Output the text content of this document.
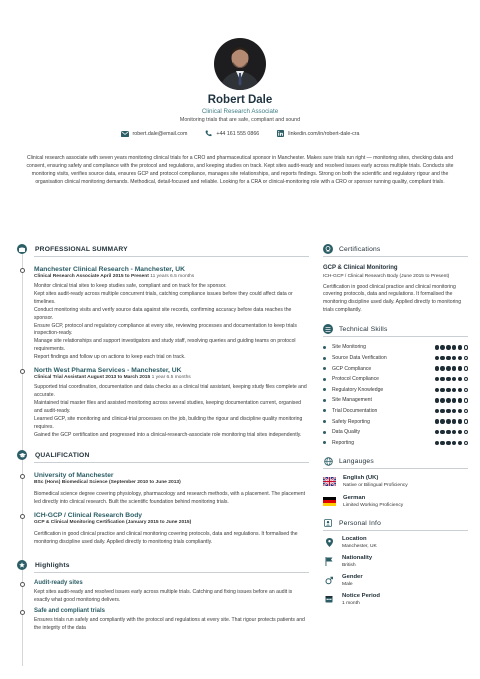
Robert Dale
Clinical Research Associate
Monitoring trials that are safe, compliant and sound
robert.dale@email.com	+44 161 555 0866	linkedin.com/in/robert-dale-cra
Clinical research associate with seven years monitoring clinical trials for a CRO and pharmaceutical sponsor in Manchester. Makes sure trials run right — monitoring sites, checking data and consent, ensuring safety and compliance with the protocol and regulations, and keeping studies on track. Kept sites audit-ready and resolved issues early across multiple trials. Conducts site monitoring visits, verifies source data, ensures GCP and protocol compliance, manages site relationships, and reports findings. Strong on both the scientific and regulatory rigour and the organisation clinical monitoring demands. Methodical, detail-focused and reliable. Looking for a CRA or clinical-monitoring role with a CRO or sponsor running quality, compliant trials.
PROFESSIONAL SUMMARY
Manchester Clinical Research - Manchester, UK
Clinical Research Associate April 2015 to Present 11 years 6.5 months

Monitor clinical trial sites to keep studies safe, compliant and on track for the sponsor.

Kept sites audit-ready across multiple concurrent trials, catching compliance issues before they could affect data or timelines.

Conduct monitoring visits and verify source data against site records, confirming accuracy before data reaches the sponsor.

Ensure GCP, protocol and regulatory compliance at every site, reviewing processes and documentation to keep trials inspection-ready.

Manage site relationships and support investigators and study staff, resolving queries and guiding teams on protocol requirements.

Report findings and follow up on actions to keep each trial on track.

North West Pharma Services - Manchester, UK
Clinical Trial Assistant August 2013 to March 2015 1 year 6.5 months

Supported trial coordination, documentation and data checks as a clinical trial assistant, keeping study files complete and accurate.

Maintained trial master files and assisted monitoring across several studies, keeping documentation current, organised and audit-ready.

Learned GCP, site monitoring and clinical-trial processes on the job, building the rigour and discipline quality monitoring requires.

Gained the GCP certification and progressed into a clinical-research-associate role monitoring trial sites independently.

QUALIFICATION
University of Manchester
BSc (Hons) Biomedical Science (September 2010 to June 2013)
Biomedical science degree covering physiology, pharmacology and research methods, with a placement. The placement led directly into clinical research. Built the scientific foundation behind monitoring trials.
ICH-GCP / Clinical Research Body
GCP & Clinical Monitoring Certification (January 2015 to June 2015)
Certification in good clinical practice and clinical monitoring covering protocols, data and regulations. It formalised the monitoring discipline used daily. Applied directly to monitoring trials compliantly.
Highlights
Audit-ready sites
Kept sites audit-ready and resolved issues early across multiple trials. Catching and fixing issues before an audit is exactly what good monitoring delivers.
Safe and compliant trials
Ensures trials run safely and compliantly with the protocol and regulations at every site. That rigour protects patients and the integrity of the data
Certifications
GCP & Clinical Monitoring
ICH-GCP / Clinical Research Body (June 2015 to Present)
Certification in good clinical practice and clinical monitoring covering protocols, data and regulations. It formalised the monitoring discipline used daily. Applied directly to monitoring trials compliantly.
Technical Skills
Site Monitoring
Source Data Verification
GCP Compliance
Protocol Compliance
Regulatory Knowledge
Site Management
Trial Documentation
Safety Reporting
Data Quality
Reporting
Langauges
English (UK)
Native or Bilingual Proficiency
German
Limited Working Proficiency
Personal Info
Location
Manchester, UK
Nationality
British
Gender
Male
Notice Period
1 month
